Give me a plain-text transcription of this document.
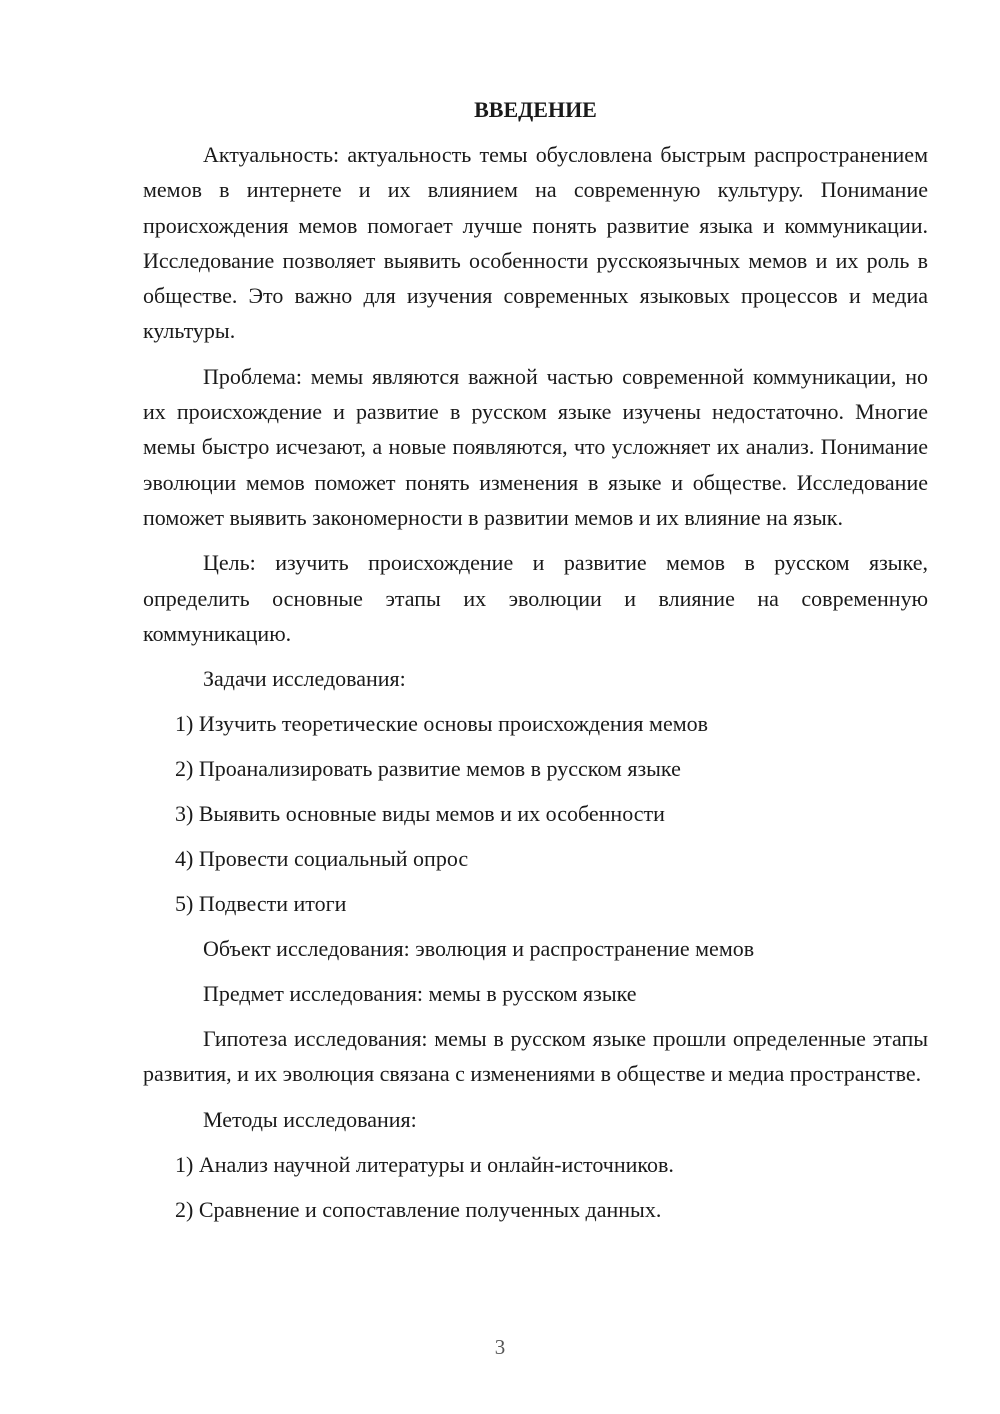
ВВЕДЕНИЕ
Актуальность: актуальность темы обусловлена быстрым распространением мемов в интернете и их влиянием на современную культуру. Понимание происхождения мемов помогает лучше понять развитие языка и коммуникации. Исследование позволяет выявить особенности русскоязычных мемов и их роль в обществе. Это важно для изучения современных языковых процессов и медиа культуры.
Проблема: мемы являются важной частью современной коммуникации, но их происхождение и развитие в русском языке изучены недостаточно. Многие мемы быстро исчезают, а новые появляются, что усложняет их анализ. Понимание эволюции мемов поможет понять изменения в языке и обществе. Исследование поможет выявить закономерности в развитии мемов и их влияние на язык.
Цель: изучить происхождение и развитие мемов в русском языке, определить основные этапы их эволюции и влияние на современную коммуникацию.
Задачи исследования:
1) Изучить теоретические основы происхождения мемов
2) Проанализировать развитие мемов в русском языке
3) Выявить основные виды мемов и их особенности
4) Провести социальный опрос
5) Подвести итоги
Объект исследования: эволюция и распространение мемов
Предмет исследования: мемы в русском языке
Гипотеза исследования: мемы в русском языке прошли определенные этапы развития, и их эволюция связана с изменениями в обществе и медиа пространстве.
Методы исследования:
1) Анализ научной литературы и онлайн-источников.
2) Сравнение и сопоставление полученных данных.
3
